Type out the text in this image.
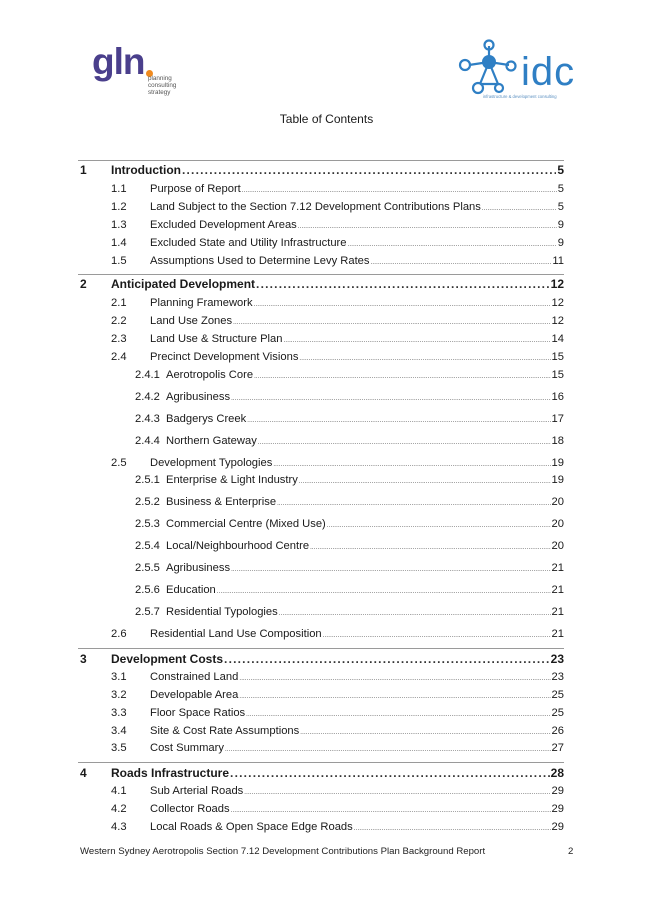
gln planning
consulting
strategy	idc
infrastructure & development consulting
Table of Contents
1 Introduction .....	5
1.1 Purpose of Report .....	5
1.2 Land Subject to the Section 7.12 Development Contributions Plans .....	5
1.3 Excluded Development Areas .....	9
1.4 Excluded State and Utility Infrastructure .....	9
1.5 Assumptions Used to Determine Levy Rates .....	11
2 Anticipated Development .....	12
2.1 Planning Framework .....	12
2.2 Land Use Zones .....	12
2.3 Land Use & Structure Plan .....	14
2.4 Precinct Development Visions .....	15
2.4.1 Aerotropolis Core .....	15
2.4.2 Agribusiness .....	16
2.4.3 Badgerys Creek .....	17
2.4.4 Northern Gateway .....	18
2.5 Development Typologies .....	19
2.5.1 Enterprise & Light Industry .....	19
2.5.2 Business & Enterprise .....	20
2.5.3 Commercial Centre (Mixed Use) .....	20
2.5.4 Local/Neighbourhood Centre .....	20
2.5.5 Agribusiness .....	21
2.5.6 Education .....	21
2.5.7 Residential Typologies .....	21
2.6 Residential Land Use Composition .....	21
3 Development Costs .....	23
3.1 Constrained Land .....	23
3.2 Developable Area .....	25
3.3 Floor Space Ratios .....	25
3.4 Site & Cost Rate Assumptions .....	26
3.5 Cost Summary .....	27
4 Roads Infrastructure .....	28
4.1 Sub Arterial Roads .....	29
4.2 Collector Roads .....	29
4.3 Local Roads & Open Space Edge Roads .....	29
Western Sydney Aerotropolis Section 7.12 Development Contributions Plan Background Report	2
